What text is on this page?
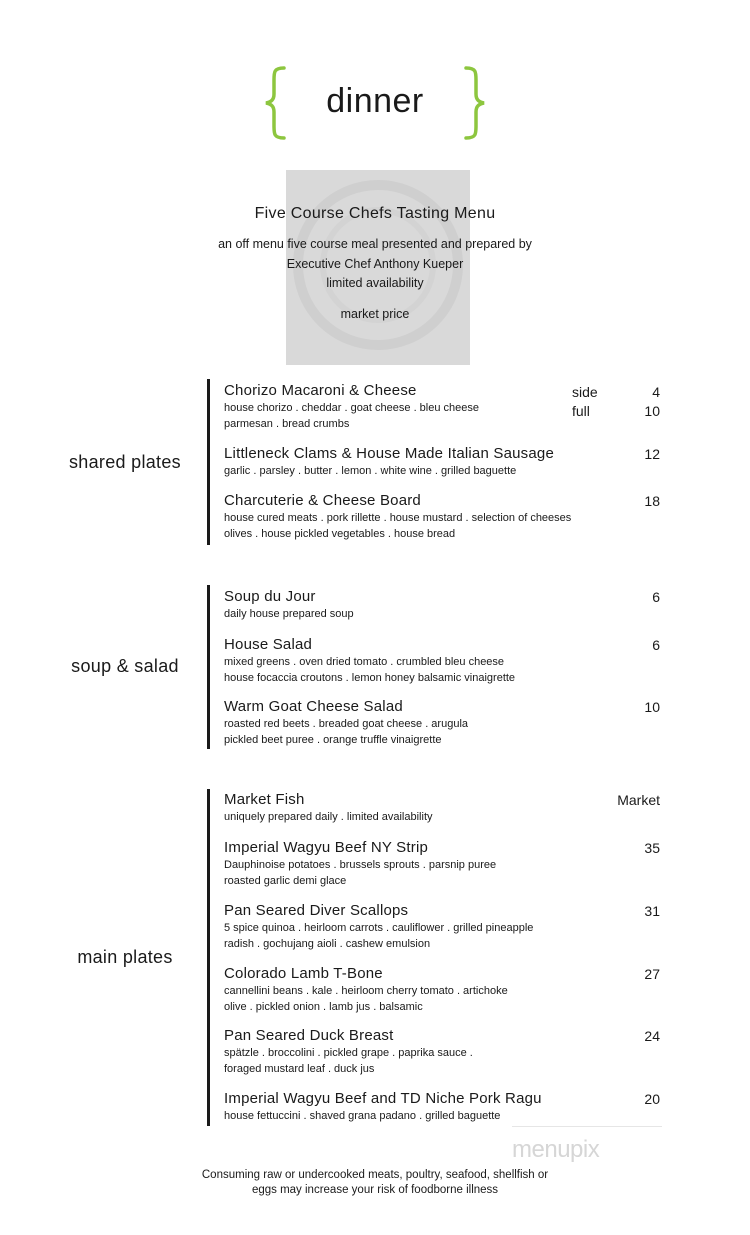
dinner
Five Course Chefs Tasting Menu

an off menu five course meal presented and prepared by

Executive Chef Anthony Kueper

limited availability

market price

shared plates
Chorizo Macaroni & Cheese
house chorizo . cheddar . goat cheese . bleu cheese
parmesan . bread crumbs
side	4
full	10
Littleneck Clams & House Made Italian Sausage
garlic . parsley . butter . lemon . white wine . grilled baguette
12
Charcuterie & Cheese Board
house cured meats . pork rillette . house mustard . selection of cheeses
olives . house pickled vegetables . house bread
18
soup & salad
Soup du Jour
daily house prepared soup
6
House Salad
mixed greens . oven dried tomato . crumbled bleu cheese
house focaccia croutons . lemon honey balsamic vinaigrette
6
Warm Goat Cheese Salad
roasted red beets . breaded goat cheese . arugula
pickled beet puree . orange truffle vinaigrette
10
main plates
Market Fish
uniquely prepared daily . limited availability
Market
Imperial Wagyu Beef NY Strip
Dauphinoise potatoes . brussels sprouts . parsnip puree
roasted garlic demi glace
35
Pan Seared Diver Scallops
5 spice quinoa . heirloom carrots . cauliflower . grilled pineapple
radish . gochujang aioli . cashew emulsion
31
Colorado Lamb T-Bone
cannellini beans . kale . heirloom cherry tomato . artichoke
olive . pickled onion . lamb jus . balsamic
27
Pan Seared Duck Breast
spätzle . broccolini . pickled grape . paprika sauce .
foraged mustard leaf . duck jus
24
Imperial Wagyu Beef and TD Niche Pork Ragu
house fettuccini . shaved grana padano . grilled baguette
20
menupix
Consuming raw or undercooked meats, poultry, seafood, shellfish or
eggs may increase your risk of foodborne illness
